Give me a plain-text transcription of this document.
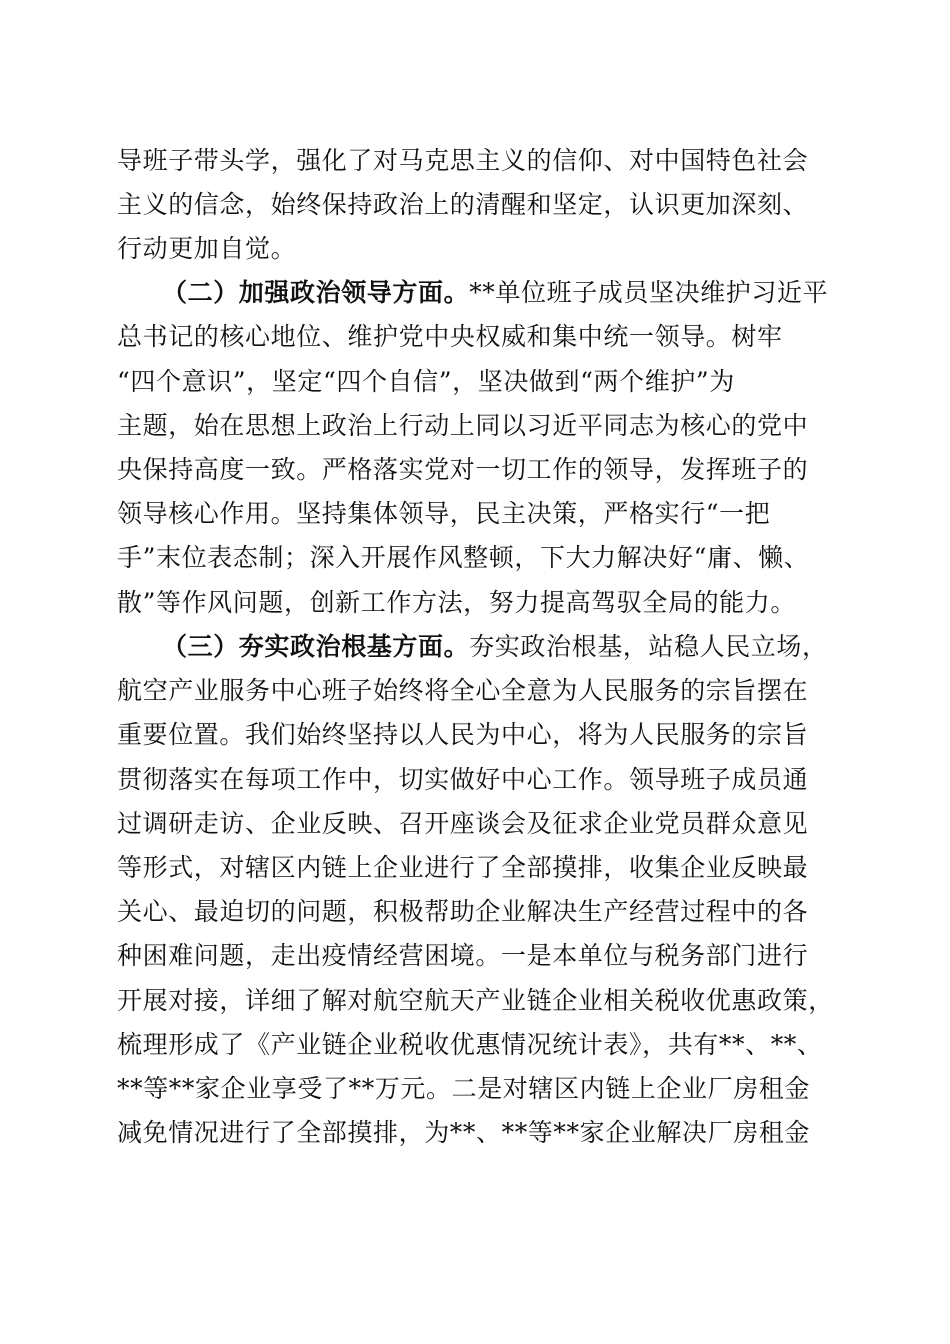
导班子带头学，强化了对马克思主义的信仰、对中国特色社会
主义的信念，始终保持政治上的清醒和坚定，认识更加深刻、
行动更加自觉。
（二）加强政治领导方面。**单位班子成员坚决维护习近平
总书记的核心地位、维护党中央权威和集中统一领导。树牢
“四个意识”，坚定“四个自信”，坚决做到“两个维护”为
主题，始在思想上政治上行动上同以习近平同志为核心的党中
央保持高度一致。严格落实党对一切工作的领导，发挥班子的
领导核心作用。坚持集体领导，民主决策，严格实行“一把
手”末位表态制；深入开展作风整顿，下大力解决好“庸、懒、
散”等作风问题，创新工作方法，努力提高驾驭全局的能力。
（三）夯实政治根基方面。夯实政治根基，站稳人民立场，
航空产业服务中心班子始终将全心全意为人民服务的宗旨摆在
重要位置。我们始终坚持以人民为中心，将为人民服务的宗旨
贯彻落实在每项工作中，切实做好中心工作。领导班子成员通
过调研走访、企业反映、召开座谈会及征求企业党员群众意见
等形式，对辖区内链上企业进行了全部摸排，收集企业反映最
关心、最迫切的问题，积极帮助企业解决生产经营过程中的各
种困难问题，走出疫情经营困境。一是本单位与税务部门进行
开展对接，详细了解对航空航天产业链企业相关税收优惠政策，
梳理形成了《产业链企业税收优惠情况统计表》，共有**、**、
**等**家企业享受了**万元。二是对辖区内链上企业厂房租金
减免情况进行了全部摸排，为**、**等**家企业解决厂房租金
